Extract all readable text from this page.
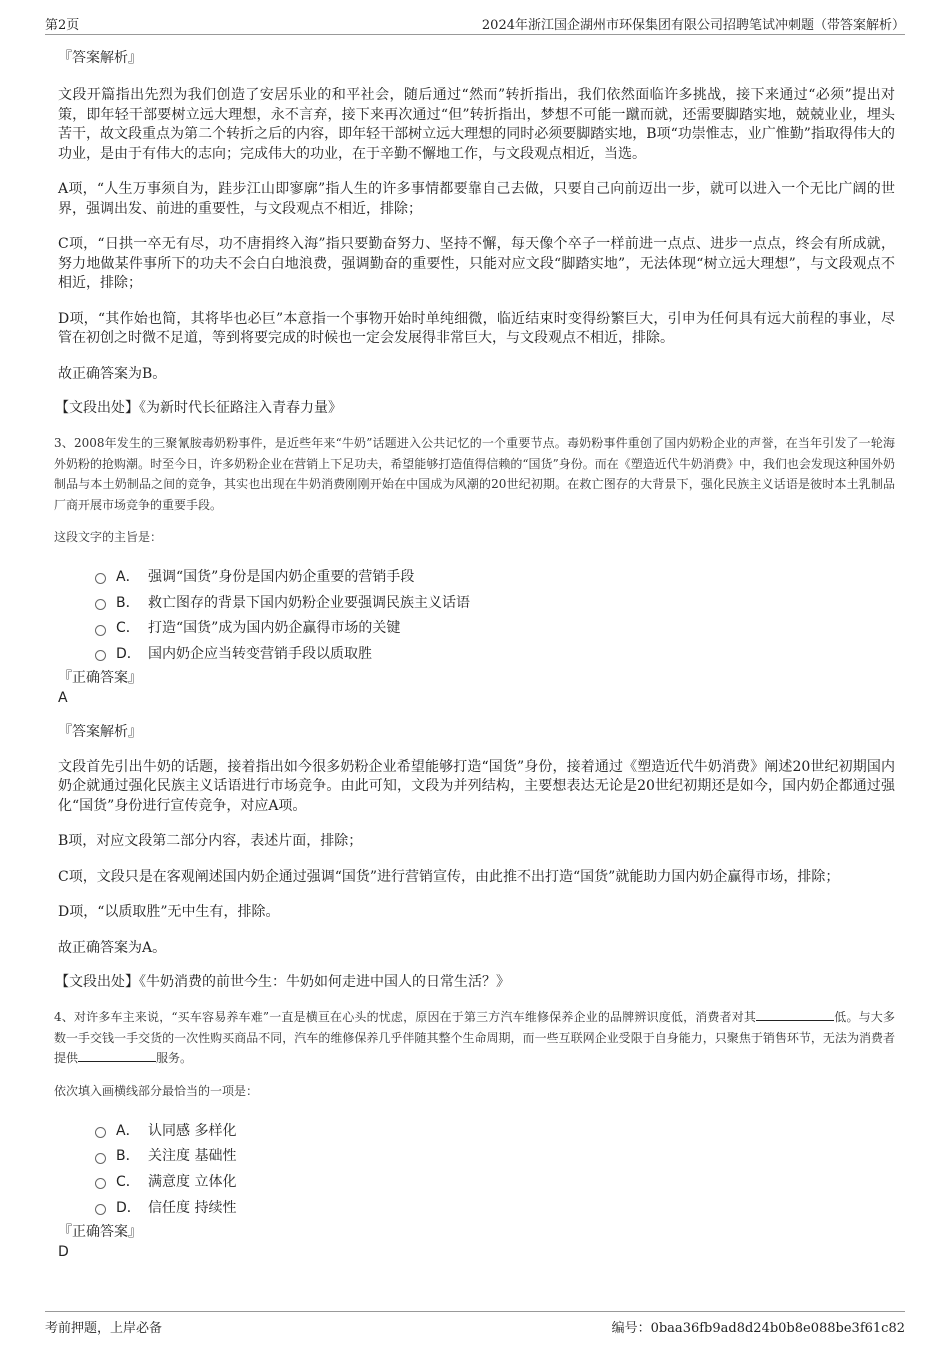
第2页	2024年浙江国企湖州市环保集团有限公司招聘笔试冲刺题（带答案解析）

『答案解析』

文段开篇指出先烈为我们创造了安居乐业的和平社会，随后通过“然而”转折指出，我们依然面临许多挑战，接下来通过“必须”提出对策，即年轻干部要树立远大理想，永不言弃，接下来再次通过“但”转折指出，梦想不可能一蹴而就，还需要脚踏实地，兢兢业业，埋头苦干，故文段重点为第二个转折之后的内容，即年轻干部树立远大理想的同时必须要脚踏实地，B项“功崇惟志，业广惟勤”指取得伟大的功业，是由于有伟大的志向；完成伟大的功业，在于辛勤不懈地工作，与文段观点相近，当选。

A项，“人生万事须自为，跬步江山即寥廓”指人生的许多事情都要靠自己去做，只要自己向前迈出一步，就可以进入一个无比广阔的世界，强调出发、前进的重要性，与文段观点不相近，排除；

C项，“日拱一卒无有尽，功不唐捐终入海”指只要勤奋努力、坚持不懈，每天像个卒子一样前进一点点、进步一点点，终会有所成就，努力地做某件事所下的功夫不会白白地浪费，强调勤奋的重要性，只能对应文段“脚踏实地”，无法体现“树立远大理想”，与文段观点不相近，排除；

D项，“其作始也简，其将毕也必巨”本意指一个事物开始时单纯细微，临近结束时变得纷繁巨大，引申为任何具有远大前程的事业，尽管在初创之时微不足道，等到将要完成的时候也一定会发展得非常巨大，与文段观点不相近，排除。

故正确答案为B。

【文段出处】《为新时代长征路注入青春力量》

3、2008年发生的三聚氰胺毒奶粉事件，是近些年来“牛奶”话题进入公共记忆的一个重要节点。毒奶粉事件重创了国内奶粉企业的声誉，在当年引发了一轮海外奶粉的抢购潮。时至今日，许多奶粉企业在营销上下足功夫，希望能够打造值得信赖的“国货”身份。而在《塑造近代牛奶消费》中，我们也会发现这种国外奶制品与本土奶制品之间的竞争，其实也出现在牛奶消费刚刚开始在中国成为风潮的20世纪初期。在救亡图存的大背景下，强化民族主义话语是彼时本土乳制品厂商开展市场竞争的重要手段。

这段文字的主旨是：

A． 强调“国货”身份是国内奶企重要的营销手段
B． 救亡图存的背景下国内奶粉企业要强调民族主义话语
C． 打造“国货”成为国内奶企赢得市场的关键
D． 国内奶企应当转变营销手段以质取胜

『正确答案』

A

『答案解析』

文段首先引出牛奶的话题，接着指出如今很多奶粉企业希望能够打造“国货”身份，接着通过《塑造近代牛奶消费》阐述20世纪初期国内奶企就通过强化民族主义话语进行市场竞争。由此可知，文段为并列结构，主要想表达无论是20世纪初期还是如今，国内奶企都通过强化“国货”身份进行宣传竞争，对应A项。

B项，对应文段第二部分内容，表述片面，排除；

C项，文段只是在客观阐述国内奶企通过强调“国货”进行营销宣传，由此推不出打造“国货”就能助力国内奶企赢得市场，排除；

D项，“以质取胜”无中生有，排除。

故正确答案为A。

【文段出处】《牛奶消费的前世今生：牛奶如何走进中国人的日常生活？》

4、对许多车主来说，“买车容易养车难”一直是横亘在心头的忧虑，原因在于第三方汽车维修保养企业的品牌辨识度低，消费者对其	低。与大多数一手交钱一手交货的一次性购买商品不同，汽车的维修保养几乎伴随其整个生命周期，而一些互联网企业受限于自身能力，只聚焦于销售环节，无法为消费者提供	服务。

依次填入画横线部分最恰当的一项是：

A． 认同感 多样化
B． 关注度 基础性
C． 满意度 立体化
D． 信任度 持续性

『正确答案』

D

考前押题，上岸必备	编号：0baa36fb9ad8d24b0b8e088be3f61c82
